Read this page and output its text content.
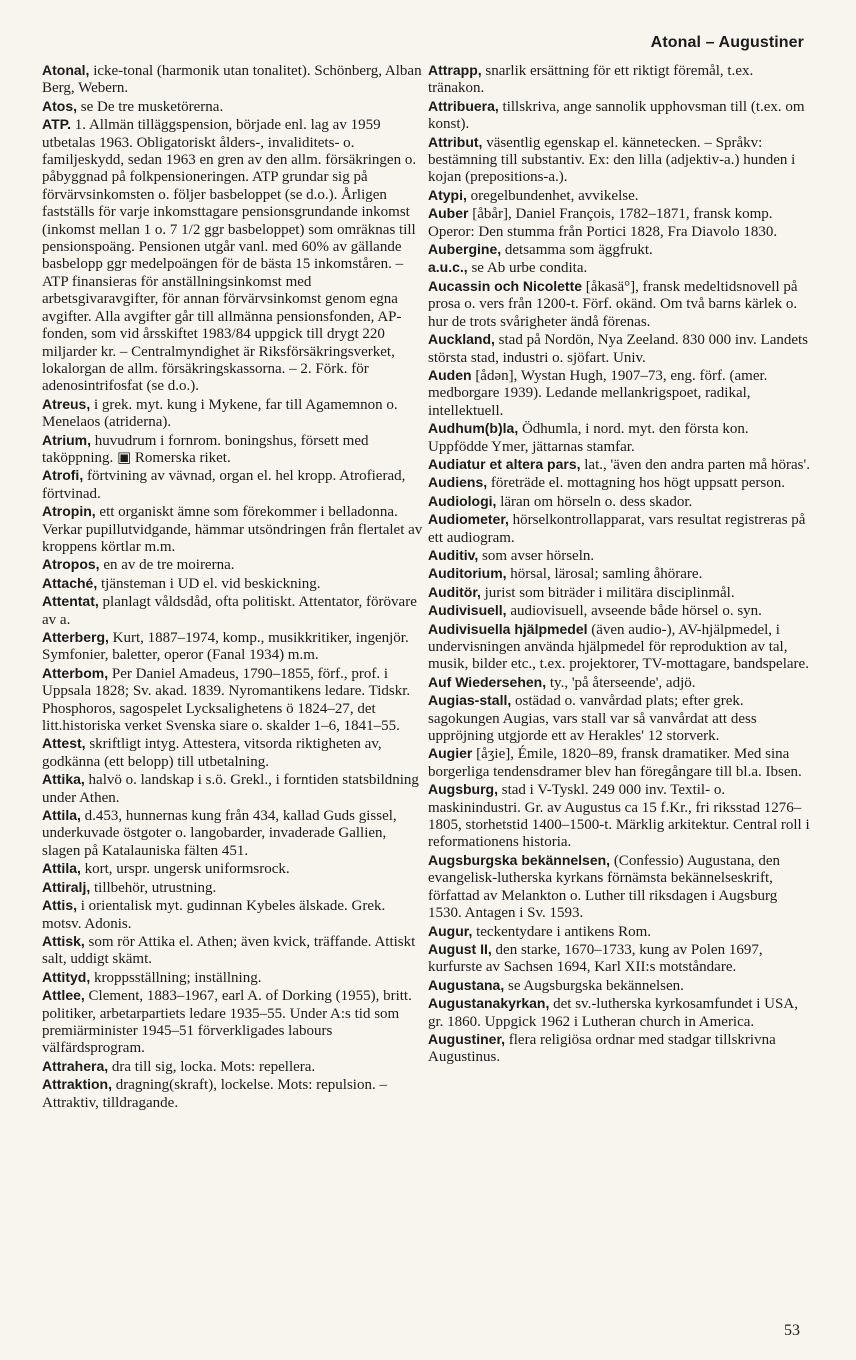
Atonal – Augustiner

Atonal, icke-tonal (harmonik utan tonalitet). Schönberg, Alban Berg, Webern.

Atos, se De tre musketörerna.

ATP. 1. Allmän tilläggspension, började enl. lag av 1959 utbetalas 1963. Obligatoriskt ålders-, invaliditets- o. familjeskydd, sedan 1963 en gren av den allm. försäkringen o. påbyggnad på folkpensioneringen. ATP grundar sig på förvärvsinkomsten o. följer basbeloppet (se d.o.). Årligen fastställs för varje inkomsttagare pensionsgrundande inkomst (inkomst mellan 1 o. 7 1/2 ggr basbeloppet) som omräknas till pensionspoäng. Pensionen utgår vanl. med 60% av gällande basbelopp ggr medelpoängen för de bästa 15 inkomståren. – ATP finansieras för anställningsinkomst med arbetsgivaravgifter, för annan förvärvsinkomst genom egna avgifter. Alla avgifter går till allmänna pensionsfonden, AP-fonden, som vid årsskiftet 1983/84 uppgick till drygt 220 miljarder kr. – Centralmyndighet är Riksförsäkringsverket, lokalorgan de allm. försäkringskassorna. – 2. Förk. för adenosintrifosfat (se d.o.).

Atreus, i grek. myt. kung i Mykene, far till Agamemnon o. Menelaos (atriderna).

Atrium, huvudrum i fornrom. boningshus, försett med taköppning. ▣ Romerska riket.

Atrofi, förtvining av vävnad, organ el. hel kropp. Atrofierad, förtvinad.

Atropin, ett organiskt ämne som förekommer i belladonna. Verkar pupillutvidgande, hämmar utsöndringen från flertalet av kroppens körtlar m.m.

Atropos, en av de tre moirerna.

Attaché, tjänsteman i UD el. vid beskickning.

Attentat, planlagt våldsdåd, ofta politiskt. Attentator, förövare av a.

Atterberg, Kurt, 1887–1974, komp., musikkritiker, ingenjör. Symfonier, baletter, operor (Fanal 1934) m.m.

Atterbom, Per Daniel Amadeus, 1790–1855, förf., prof. i Uppsala 1828; Sv. akad. 1839. Nyromantikens ledare. Tidskr. Phosphoros, sagospelet Lycksalighetens ö 1824–27, det litt.historiska verket Svenska siare o. skalder 1–6, 1841–55.

Attest, skriftligt intyg. Attestera, vitsorda riktigheten av, godkänna (ett belopp) till utbetalning.

Attika, halvö o. landskap i s.ö. Grekl., i forntiden statsbildning under Athen.

Attila, d.453, hunnernas kung från 434, kallad Guds gissel, underkuvade östgoter o. langobarder, invaderade Gallien, slagen på Katalauniska fälten 451.

Attila, kort, urspr. ungersk uniformsrock.

Attiralj, tillbehör, utrustning.

Attis, i orientalisk myt. gudinnan Kybeles älskade. Grek. motsv. Adonis.

Attisk, som rör Attika el. Athen; även kvick, träffande. Attiskt salt, uddigt skämt.

Attityd, kroppsställning; inställning.

Attlee, Clement, 1883–1967, earl A. of Dorking (1955), britt. politiker, arbetarpartiets ledare 1935–55. Under A:s tid som premiärminister 1945–51 förverkligades labours välfärdsprogram.

Attrahera, dra till sig, locka. Mots: repellera.

Attraktion, dragning(skraft), lockelse. Mots: repulsion. – Attraktiv, tilldragande.

Attrapp, snarlik ersättning för ett riktigt föremål, t.ex. tränakon.

Attribuera, tillskriva, ange sannolik upphovsman till (t.ex. om konst).

Attribut, väsentlig egenskap el. kännetecken. – Språkv: bestämning till substantiv. Ex: den lilla (adjektiv-a.) hunden i kojan (prepositions-a.).

Atypi, oregelbundenhet, avvikelse.

Auber [åbår], Daniel François, 1782–1871, fransk komp. Operor: Den stumma från Portici 1828, Fra Diavolo 1830.

Aubergine, detsamma som äggfrukt.

a.u.c., se Ab urbe condita.

Aucassin och Nicolette [åkasä°], fransk medeltidsnovell på prosa o. vers från 1200-t. Förf. okänd. Om två barns kärlek o. hur de trots svårigheter ändå förenas.

Auckland, stad på Nordön, Nya Zeeland. 830 000 inv. Landets största stad, industri o. sjöfart. Univ.

Auden [ådən], Wystan Hugh, 1907–73, eng. förf. (amer. medborgare 1939). Ledande mellankrigspoet, radikal, intellektuell.

Audhum(b)la, Ödhumla, i nord. myt. den första kon. Uppfödde Ymer, jättarnas stamfar.

Audiatur et altera pars, lat., 'även den andra parten må höras'.

Audiens, företräde el. mottagning hos högt uppsatt person.

Audiologi, läran om hörseln o. dess skador.

Audiometer, hörselkontrollapparat, vars resultat registreras på ett audiogram.

Auditiv, som avser hörseln.

Auditorium, hörsal, lärosal; samling åhörare.

Auditör, jurist som biträder i militära disciplinmål.

Audivisuell, audiovisuell, avseende både hörsel o. syn.

Audivisuella hjälpmedel (även audio-), AV-hjälpmedel, i undervisningen använda hjälpmedel för reproduktion av tal, musik, bilder etc., t.ex. projektorer, TV-mottagare, bandspelare.

Auf Wiedersehen, ty., 'på återseende', adjö.

Augias-stall, ostädad o. vanvårdad plats; efter grek. sagokungen Augias, vars stall var så vanvårdat att dess uppröjning utgjorde ett av Herakles' 12 storverk.

Augier [åʒie], Émile, 1820–89, fransk dramatiker. Med sina borgerliga tendensdramer blev han föregångare till bl.a. Ibsen.

Augsburg, stad i V-Tyskl. 249 000 inv. Textil- o. maskinindustri. Gr. av Augustus ca 15 f.Kr., fri riksstad 1276–1805, storhetstid 1400–1500-t. Märklig arkitektur. Central roll i reformationens historia.

Augsburgska bekännelsen, (Confessio) Augustana, den evangelisk-lutherska kyrkans förnämsta bekännelseskrift, författad av Melankton o. Luther till riksdagen i Augsburg 1530. Antagen i Sv. 1593.

Augur, teckentydare i antikens Rom.

August II, den starke, 1670–1733, kung av Polen 1697, kurfurste av Sachsen 1694, Karl XII:s motståndare.

Augustana, se Augsburgska bekännelsen.

Augustanakyrkan, det sv.-lutherska kyrkosamfundet i USA, gr. 1860. Uppgick 1962 i Lutheran church in America.

Augustiner, flera religiösa ordnar med stadgar tillskrivna Augustinus.

53
